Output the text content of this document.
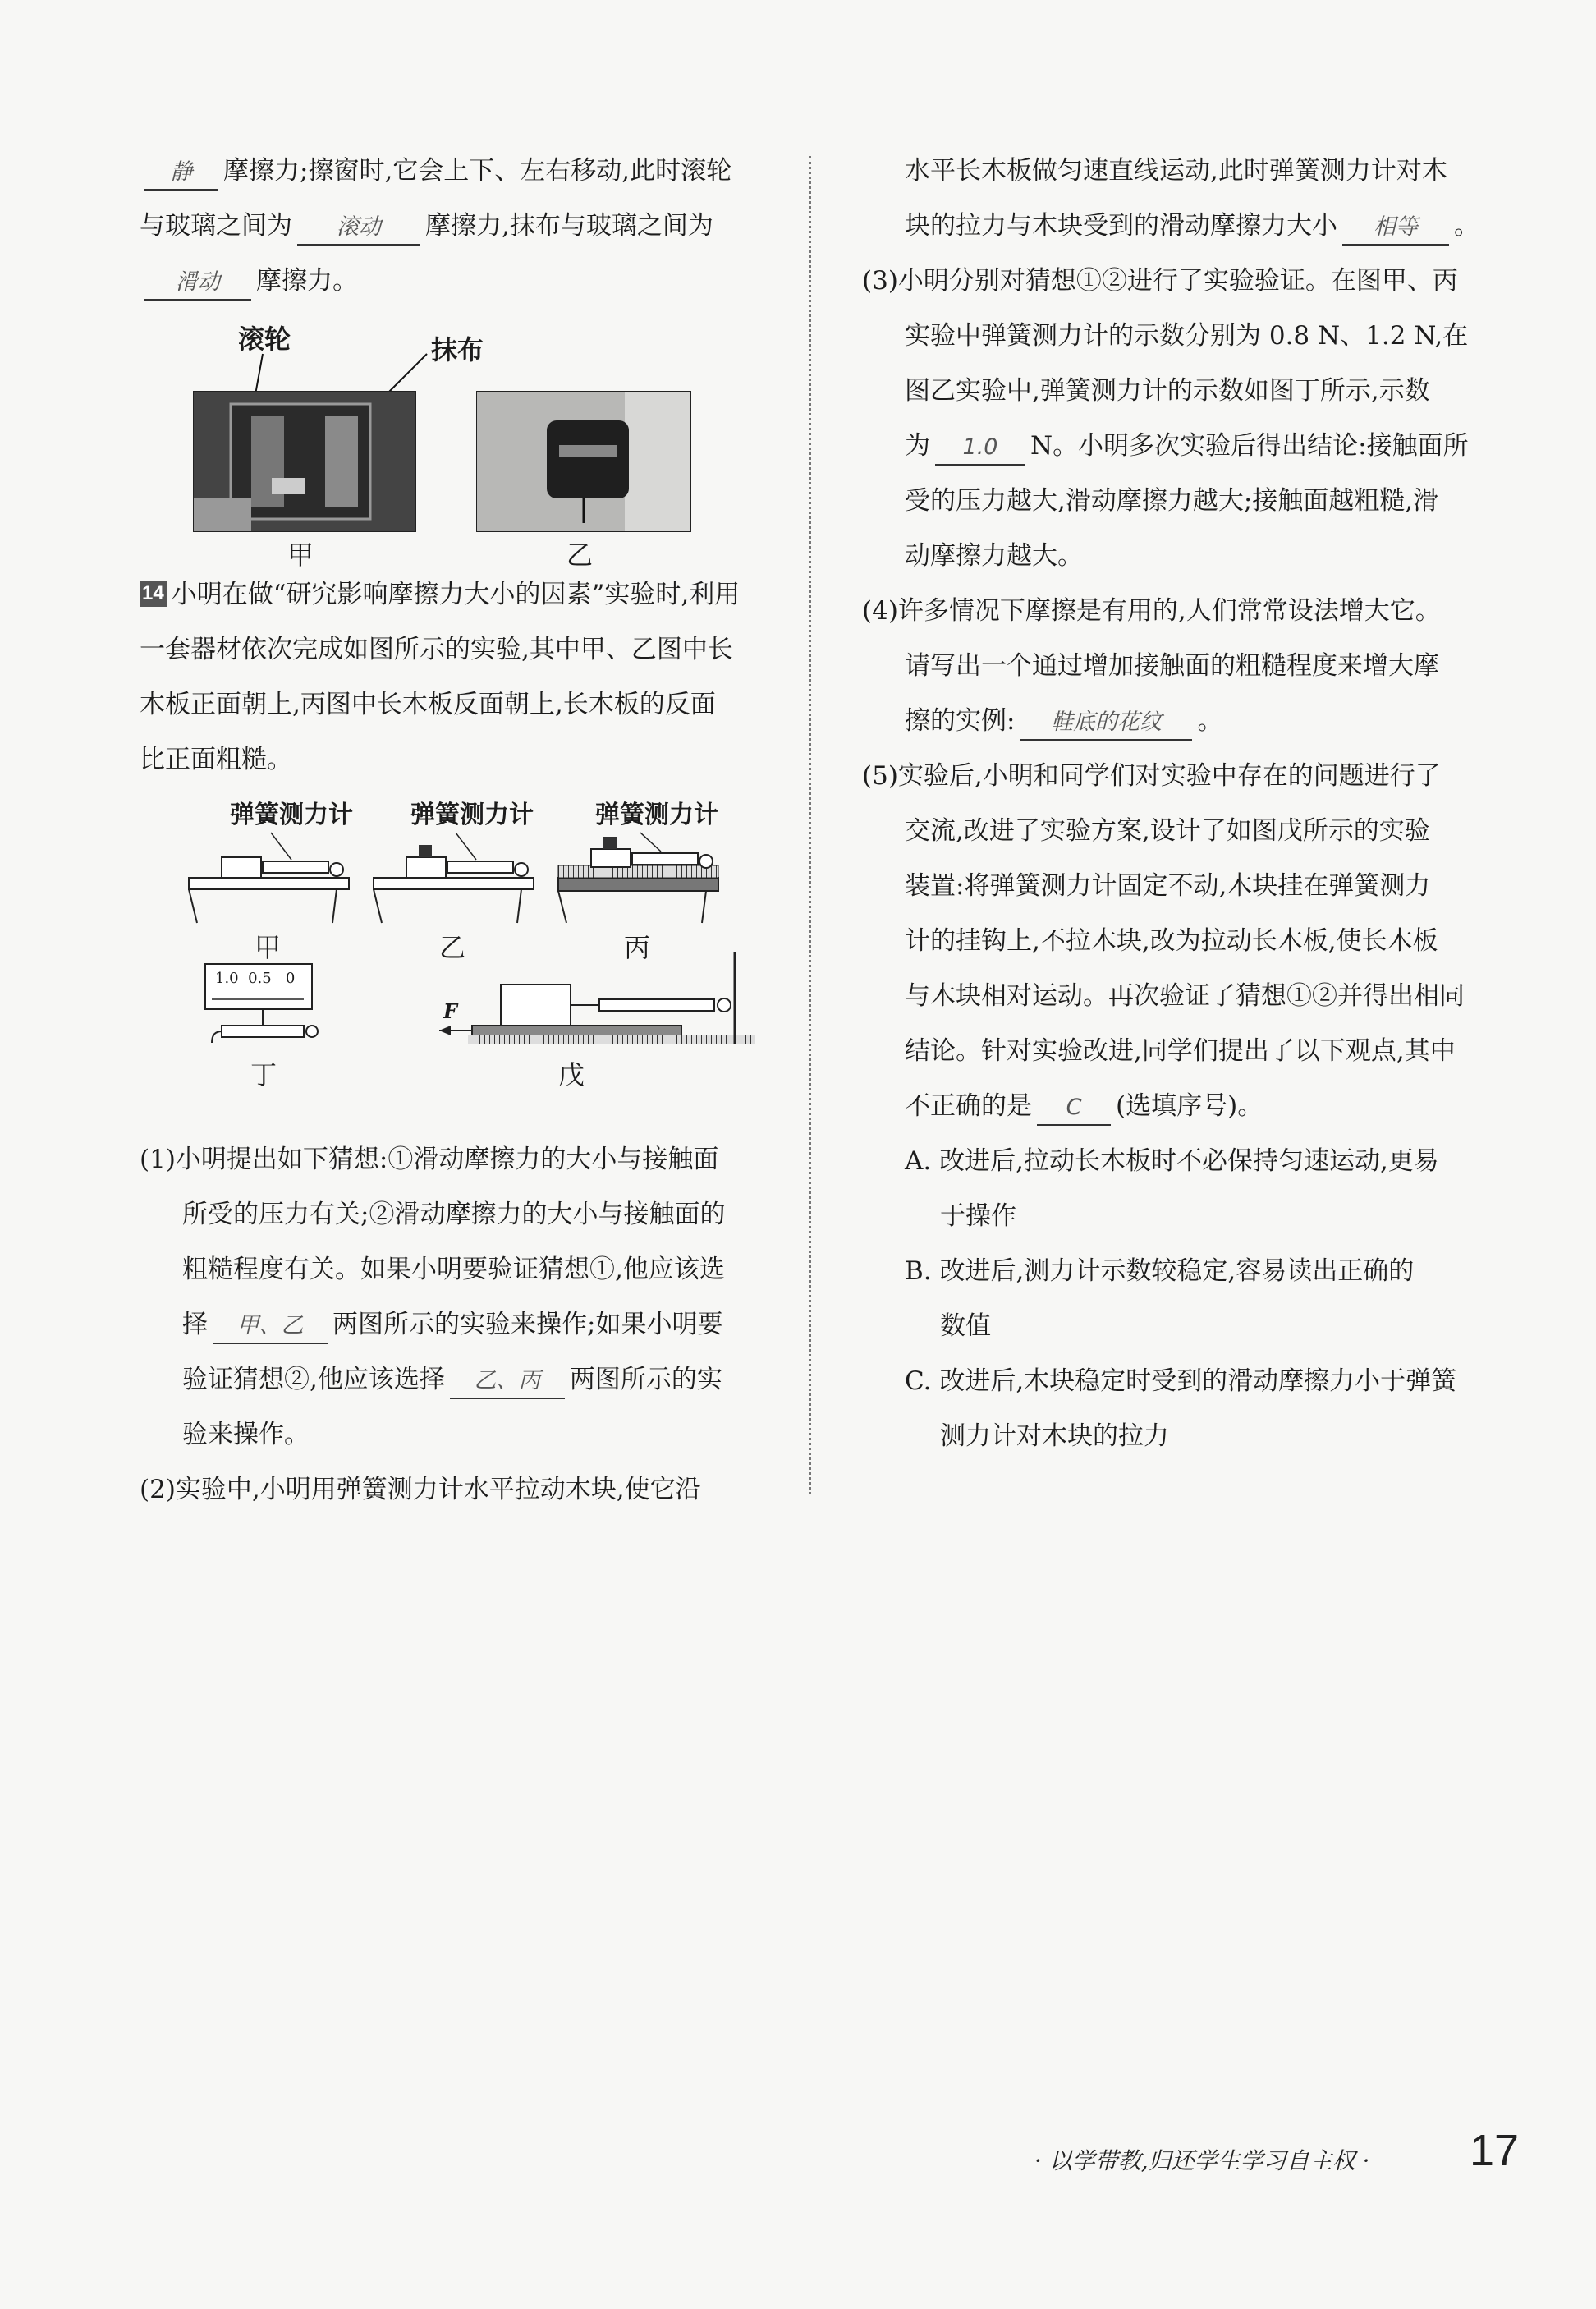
静 摩擦力;擦窗时,它会上下、左右移动,此时滚轮
与玻璃之间为 滚动 摩擦力,抹布与玻璃之间为
滑动 摩擦力。
滚轮	抹布
甲	乙
14 小明在做“研究影响摩擦力大小的因素”实验时,利用
一套器材依次完成如图所示的实验,其中甲、乙图中长
木板正面朝上,丙图中长木板反面朝上,长木板的反面
比正面粗糙。
弹簧测力计 弹簧测力计	弹簧测力计
甲	乙	丙
1.0  0.5   0
F
丁	戊
(1)小明提出如下猜想:①滑动摩擦力的大小与接触面
所受的压力有关;②滑动摩擦力的大小与接触面的
粗糙程度有关。如果小明要验证猜想①,他应该选
择 甲、乙 两图所示的实验来操作;如果小明要
验证猜想②,他应该选择 乙、丙 两图所示的实
验来操作。
(2)实验中,小明用弹簧测力计水平拉动木块,使它沿
水平长木板做匀速直线运动,此时弹簧测力计对木
块的拉力与木块受到的滑动摩擦力大小 相等 。
(3)小明分别对猜想①②进行了实验验证。在图甲、丙
实验中弹簧测力计的示数分别为 0.8 N、1.2 N,在
图乙实验中,弹簧测力计的示数如图丁所示,示数
为 1.0 N。小明多次实验后得出结论:接触面所
受的压力越大,滑动摩擦力越大;接触面越粗糙,滑
动摩擦力越大。
(4)许多情况下摩擦是有用的,人们常常设法增大它。
请写出一个通过增加接触面的粗糙程度来增大摩
擦的实例: 鞋底的花纹 。
(5)实验后,小明和同学们对实验中存在的问题进行了
交流,改进了实验方案,设计了如图戊所示的实验
装置:将弹簧测力计固定不动,木块挂在弹簧测力
计的挂钩上,不拉木块,改为拉动长木板,使长木板
与木块相对运动。再次验证了猜想①②并得出相同
结论。针对实验改进,同学们提出了以下观点,其中
不正确的是 C (选填序号)。
A. 改进后,拉动长木板时不必保持匀速运动,更易
于操作
B. 改进后,测力计示数较稳定,容易读出正确的
数值
C. 改进后,木块稳定时受到的滑动摩擦力小于弹簧
测力计对木块的拉力
· 以学带教,归还学生学习自主权 · 17
